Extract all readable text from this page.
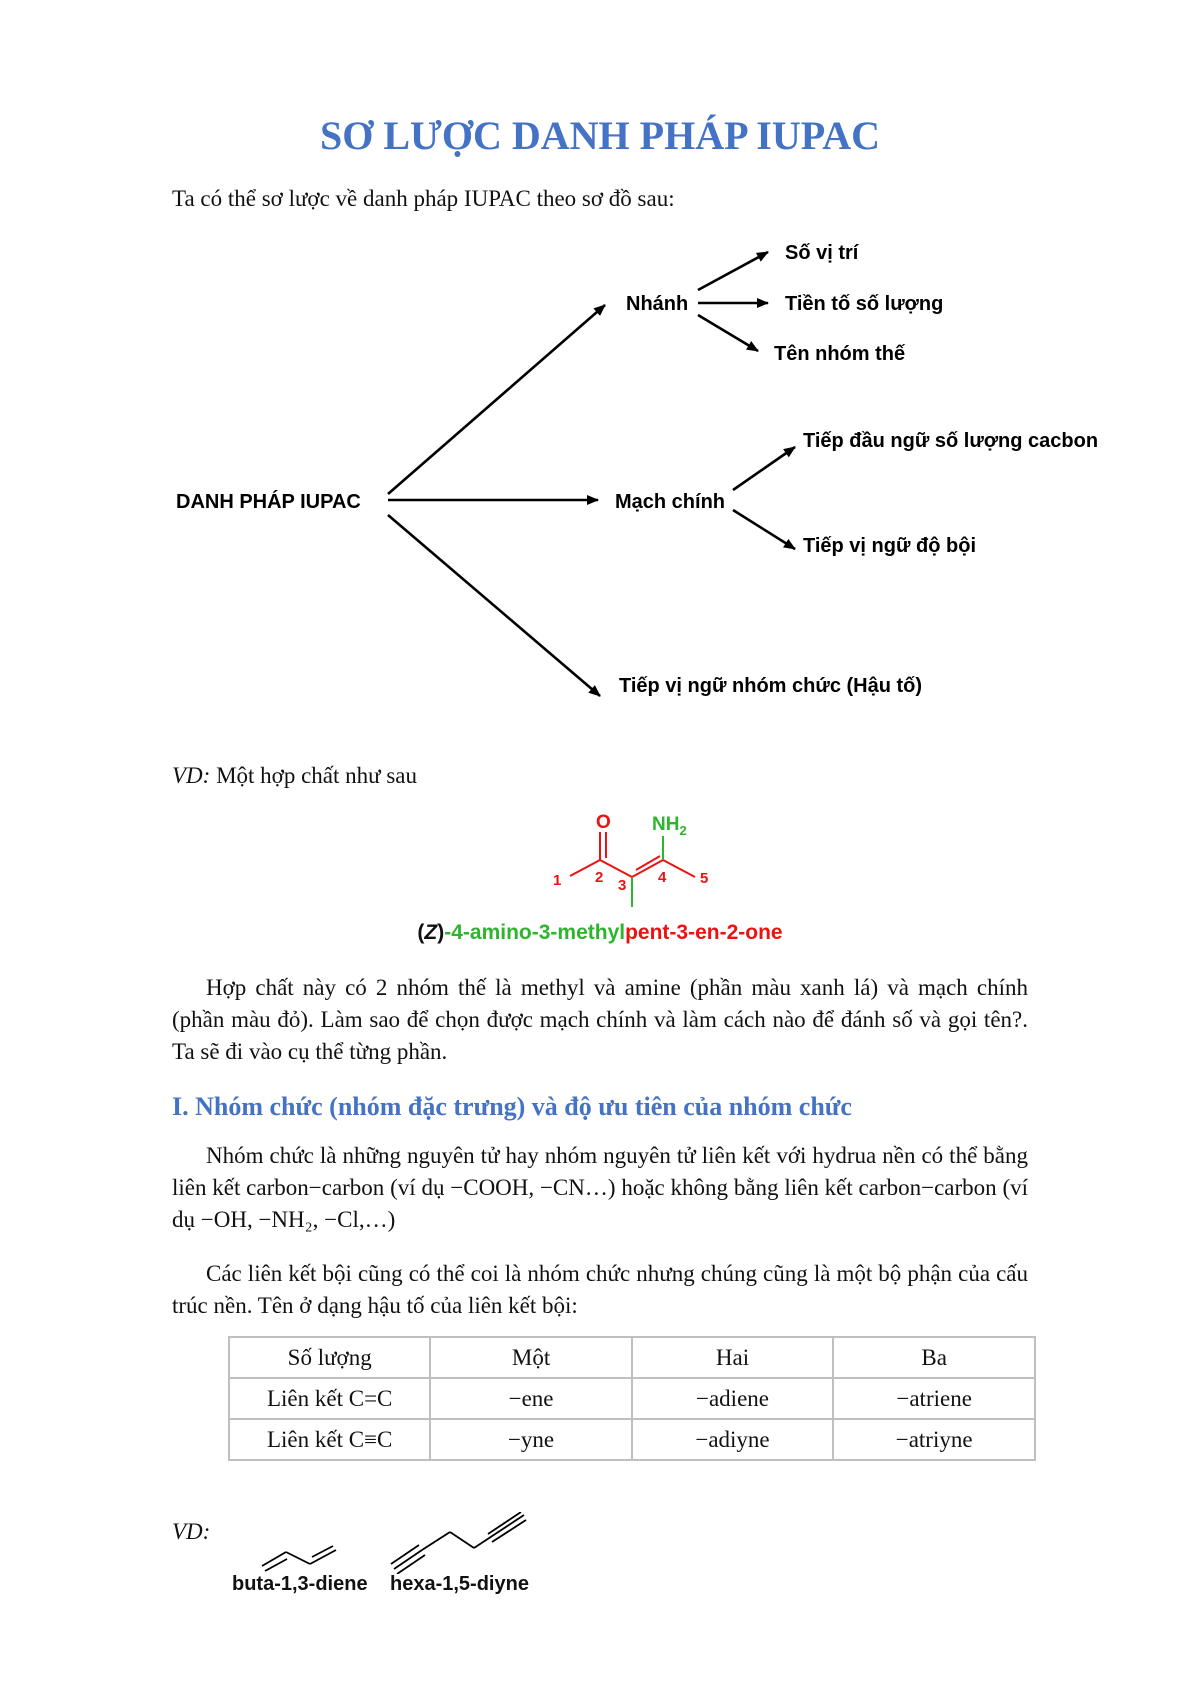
SƠ LƯỢC DANH PHÁP IUPAC
Ta có thể sơ lược về danh pháp IUPAC theo sơ đồ sau:
DANH PHÁP IUPAC
Nhánh
Số vị trí
Tiền tố số lượng
Tên nhóm thế
Mạch chính
Tiếp đầu ngữ số lượng cacbon
Tiếp vị ngữ độ bội
Tiếp vị ngữ nhóm chức (Hậu tố)
VD: Một hợp chất như sau
O $NH_2$
1 2 3 4 5
(Z)-4-amino-3-methylpent-3-en-2-one
Hợp chất này có 2 nhóm thế là methyl và amine (phần màu xanh lá) và mạch chính (phần màu đỏ). Làm sao để chọn được mạch chính và làm cách nào để đánh số và gọi tên?. Ta sẽ đi vào cụ thể từng phần.
I. Nhóm chức (nhóm đặc trưng) và độ ưu tiên của nhóm chức
Nhóm chức là những nguyên tử hay nhóm nguyên tử liên kết với hydrua nền có thể bằng liên kết carbon−carbon (ví dụ −COOH, −CN…) hoặc không bằng liên kết carbon−carbon (ví dụ −OH, −NH₂, −Cl,…)
Các liên kết bội cũng có thể coi là nhóm chức nhưng chúng cũng là một bộ phận của cấu trúc nền. Tên ở dạng hậu tố của liên kết bội:
Số lượng	Một	Hai	Ba
Liên kết C=C	−ene	−adiene	−atriene
Liên kết C≡C	−yne	−adiyne	−atriyne
VD:
buta-1,3-diene hexa-1,5-diyne
